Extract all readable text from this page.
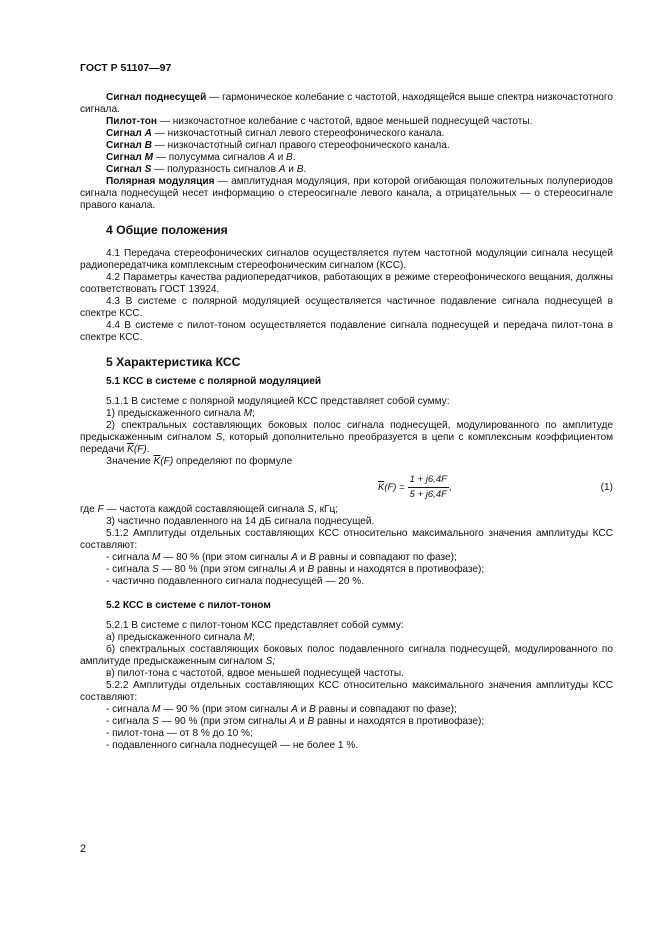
ГОСТ Р 51107—97

Сигнал поднесущей — гармоническое колебание с частотой, находящейся выше спектра низкочастотного сигнала.

Пилот-тон — низкочастотное колебание с частотой, вдвое меньшей поднесущей частоты.

Сигнал А — низкочастотный сигнал левого стереофонического канала.

Сигнал В — низкочастотный сигнал правого стереофонического канала.

Сигнал М — полусумма сигналов А и В.

Сигнал S — полуразность сигналов А и В.

Полярная модуляция — амплитудная модуляция, при которой огибающая положительных полупериодов сигнала поднесущей несет информацию о стереосигнале левого канала, а отрицательных — о стереосигнале правого канала.

4 Общие положения

4.1 Передача стереофонических сигналов осуществляется путем частотной модуляции сигнала несущей радиопередатчика комплексным стереофоническим сигналом (КСС).

4.2 Параметры качества радиопередатчиков, работающих в режиме стереофонического вещания, должны соответствовать ГОСТ 13924.

4.3 В системе с полярной модуляцией осуществляется частичное подавление сигнала поднесущей в спектре КСС.

4.4 В системе с пилот-тоном осуществляется подавление сигнала поднесущей и передача пилот-тона в спектре КСС.

5 Характеристика КСС
5.1 КСС в системе с полярной модуляцией

5.1.1 В системе с полярной модуляцией КСС представляет собой сумму:

1) предыскаженного сигнала М;

2) спектральных составляющих боковых полос сигнала поднесущей, модулированного по амплитуде предыскаженным сигналом S, который дополнительно преобразуется в цепи с комплексным коэффициентом передачи $\overline{K}(F)$.

Значение $\overline{K}(F)$ определяют по формуле

$\overline{K}(F) = \frac{1 + j6,4F}{5 + j6,4F}$ ,	(1)

где F — частота каждой составляющей сигнала S, кГц;

3) частично подавленного на 14 дБ сигнала поднесущей.

5.1.2 Амплитуды отдельных составляющих КСС относительно максимального значения амплитуды КСС составляют:

- сигнала М — 80 % (при этом сигналы А и В равны и совпадают по фазе);

- сигнала S — 80 % (при этом сигналы А и В равны и находятся в противофазе);

- частично подавленного сигнала поднесущей — 20 %.

5.2 КСС в системе с пилот-тоном

5.2.1 В системе с пилот-тоном КСС представляет собой сумму:

а) предыскаженного сигнала М;

б) спектральных составляющих боковых полос подавленного сигнала поднесущей, модулированного по амплитуде предыскаженным сигналом S;

в) пилот-тона с частотой, вдвое меньшей поднесущей частоты.

5.2.2 Амплитуды отдельных составляющих КСС относительно максимального значения амплитуды КСС составляют:

- сигнала М — 90 % (при этом сигналы А и В равны и совпадают по фазе);

- сигнала S — 90 % (при этом сигналы А и В равны и находятся в противофазе);

- пилот-тона — от 8 % до 10 %;

- подавленного сигнала поднесущей — не более 1 %.

2
